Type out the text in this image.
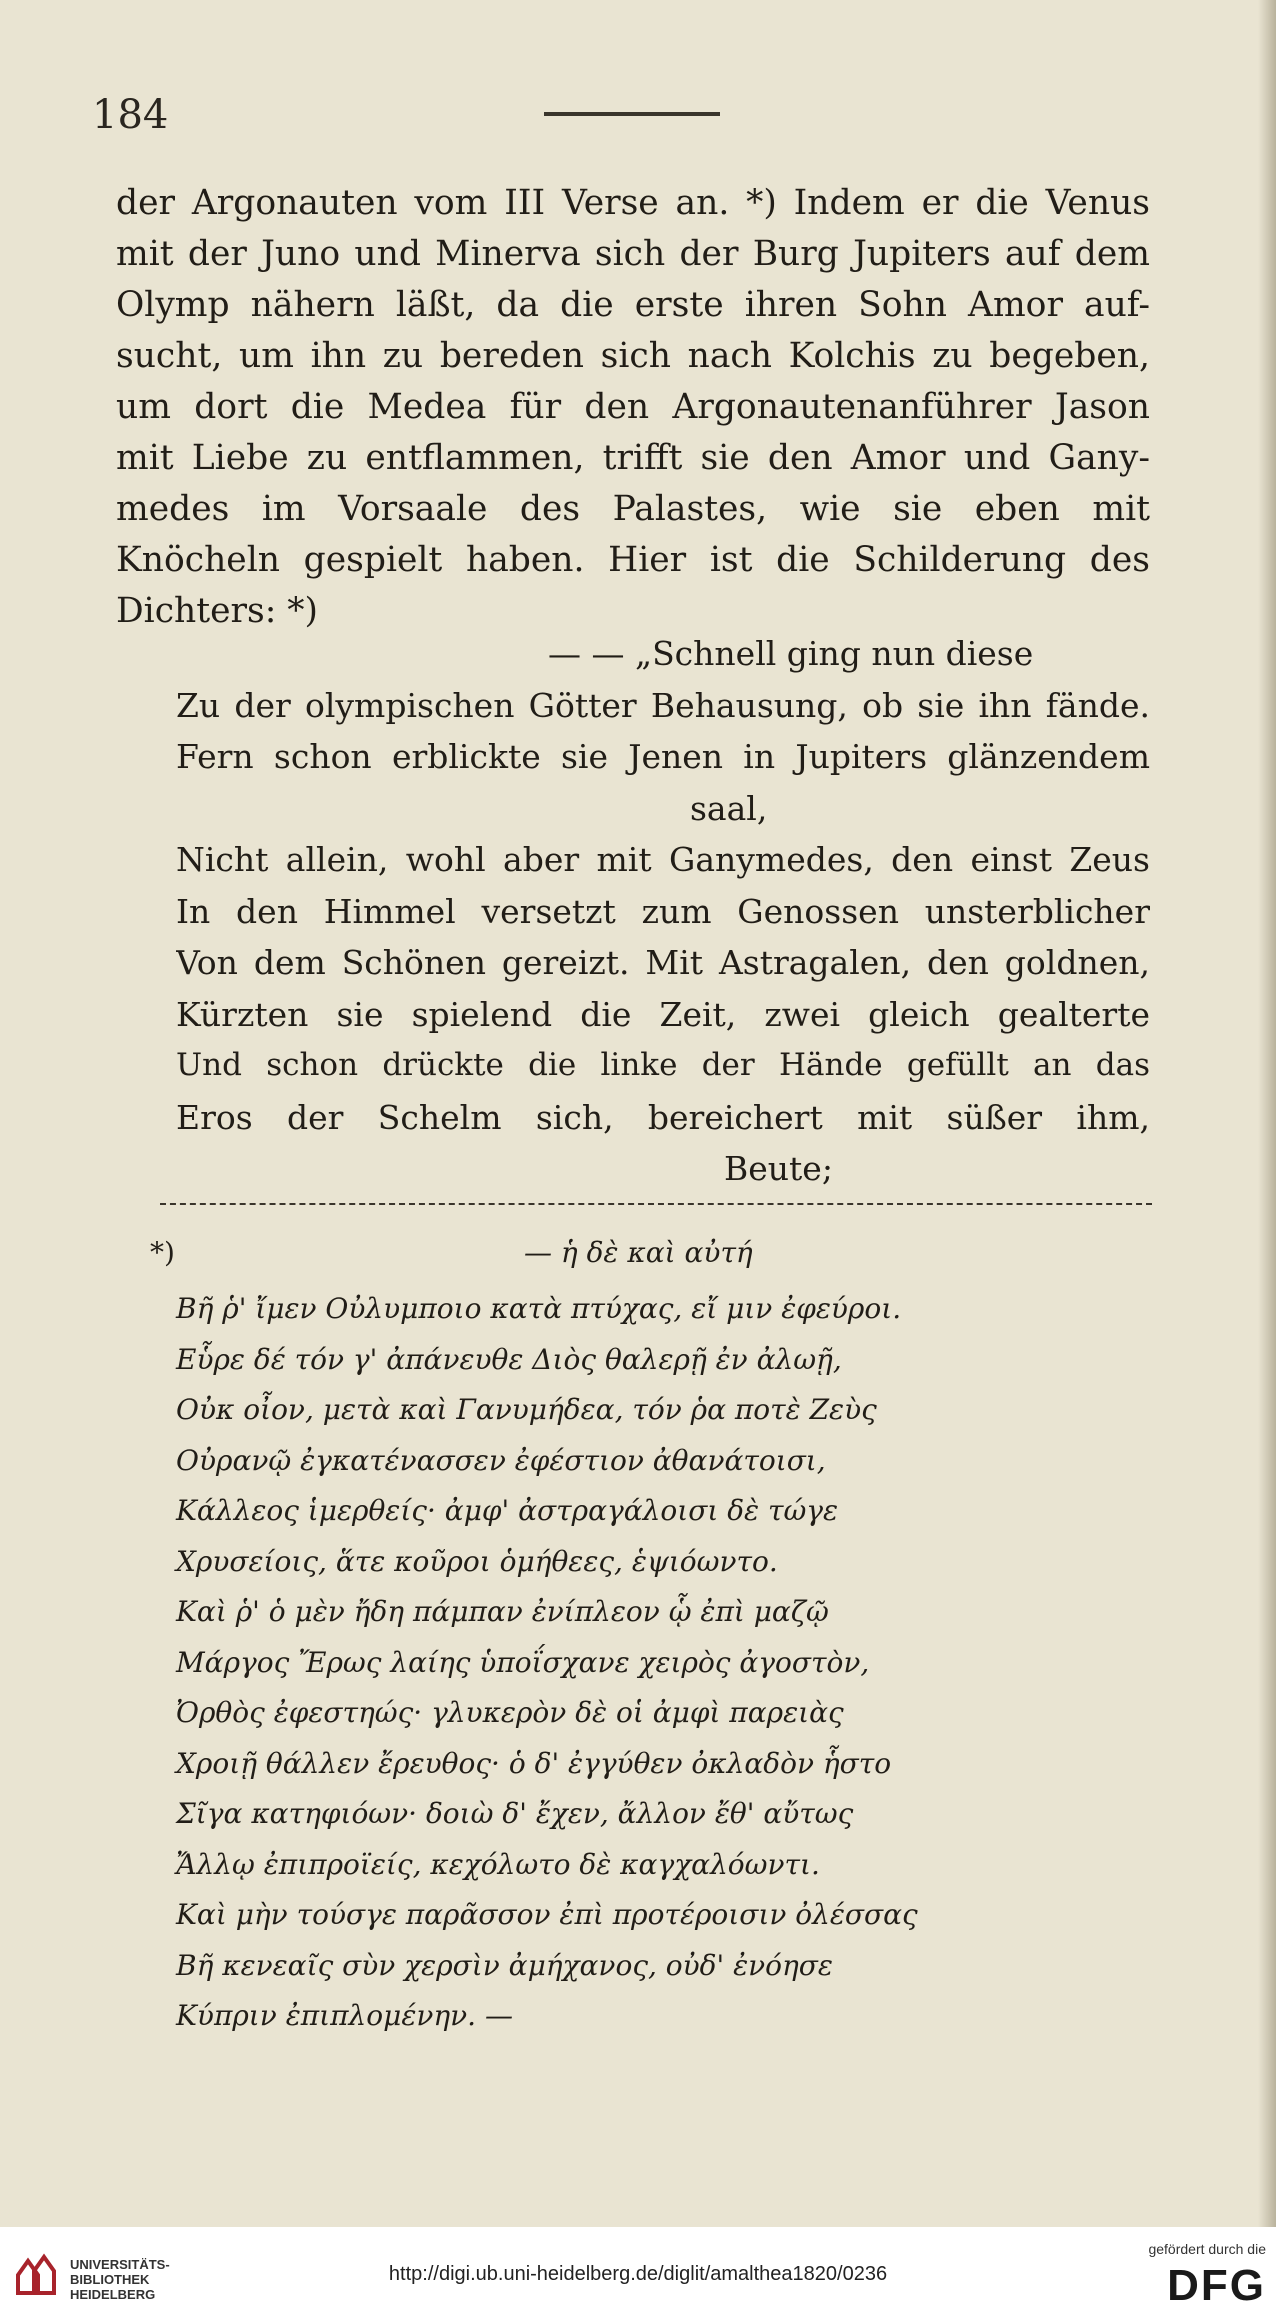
184
der Argonauten vom III Verse an. *) Indem er die Venus
mit der Juno und Minerva sich der Burg Jupiters auf dem
Olymp nähern läßt, da die erste ihren Sohn Amor auf-
sucht, um ihn zu bereden sich nach Kolchis zu begeben,
um dort die Medea für den Argonautenanführer Jason
mit Liebe zu entflammen, trifft sie den Amor und Gany-
medes im Vorsaale des Palastes, wie sie eben mit
Knöcheln gespielt haben. Hier ist die Schilderung des
Dichters: *)
— — „Schnell ging nun diese
Zu der olympischen Götter Behausung, ob sie ihn fände.
Fern schon erblickte sie Jenen in Jupiters glänzendem
saal,
Nicht allein, wohl aber mit Ganymedes, den einst Zeus
In den Himmel versetzt zum Genossen unsterblicher
Von dem Schönen gereizt. Mit Astragalen, den goldnen,
Kürzten sie spielend die Zeit, zwei gleich gealterte
Und schon drückte die linke der Hände gefüllt an das
Eros der Schelm sich, bereichert mit süßer ihm,
Beute;
*)	— ἡ δὲ καὶ αὐτή
Βῆ ῥ' ἴμεν Οὐλυμποιο κατὰ πτύχας, εἴ μιν ἐφεύροι.
Εὗρε δέ τόν γ' ἀπάνευθε Διὸς θαλερῇ ἐν ἀλωῇ,
Οὐκ οἶον, μετὰ καὶ Γανυμήδεα, τόν ῥα ποτὲ Ζεὺς
Οὐρανῷ ἐγκατένασσεν ἐφέστιον ἀθανάτοισι,
Κάλλεος ἱμερθείς· ἀμφ' ἀστραγάλοισι δὲ τώγε
Χρυσείοις, ἅτε κοῦροι ὁμήθεες, ἑψιόωντο.
Καὶ ῥ' ὁ μὲν ἤδη πάμπαν ἐνίπλεον ᾧ ἐπὶ μαζῷ
Μάργος Ἔρως λαίης ὑποΐσχανε χειρὸς ἀγοστὸν,
Ὀρθὸς ἐφεστηώς· γλυκερὸν δὲ οἱ ἀμφὶ παρειὰς
Χροιῇ θάλλεν ἔρευθος· ὁ δ' ἐγγύθεν ὀκλαδὸν ἧστο
Σῖγα κατηφιόων· δοιὼ δ' ἔχεν, ἄλλον ἔθ' αὔτως
Ἄλλῳ ἐπιπροϊείς, κεχόλωτο δὲ καγχαλόωντι.
Καὶ μὴν τούσγε παρᾶσσον ἐπὶ προτέροισιν ὀλέσσας
Βῆ κενεαῖς σὺν χερσὶν ἀμήχανος, οὐδ' ἐνόησε
Κύπριν ἐπιπλομένην. —
UNIVERSITÄTS-
BIBLIOTHEK
HEIDELBERG
http://digi.ub.uni-heidelberg.de/diglit/amalthea1820/0236
gefördert durch die
DFG
